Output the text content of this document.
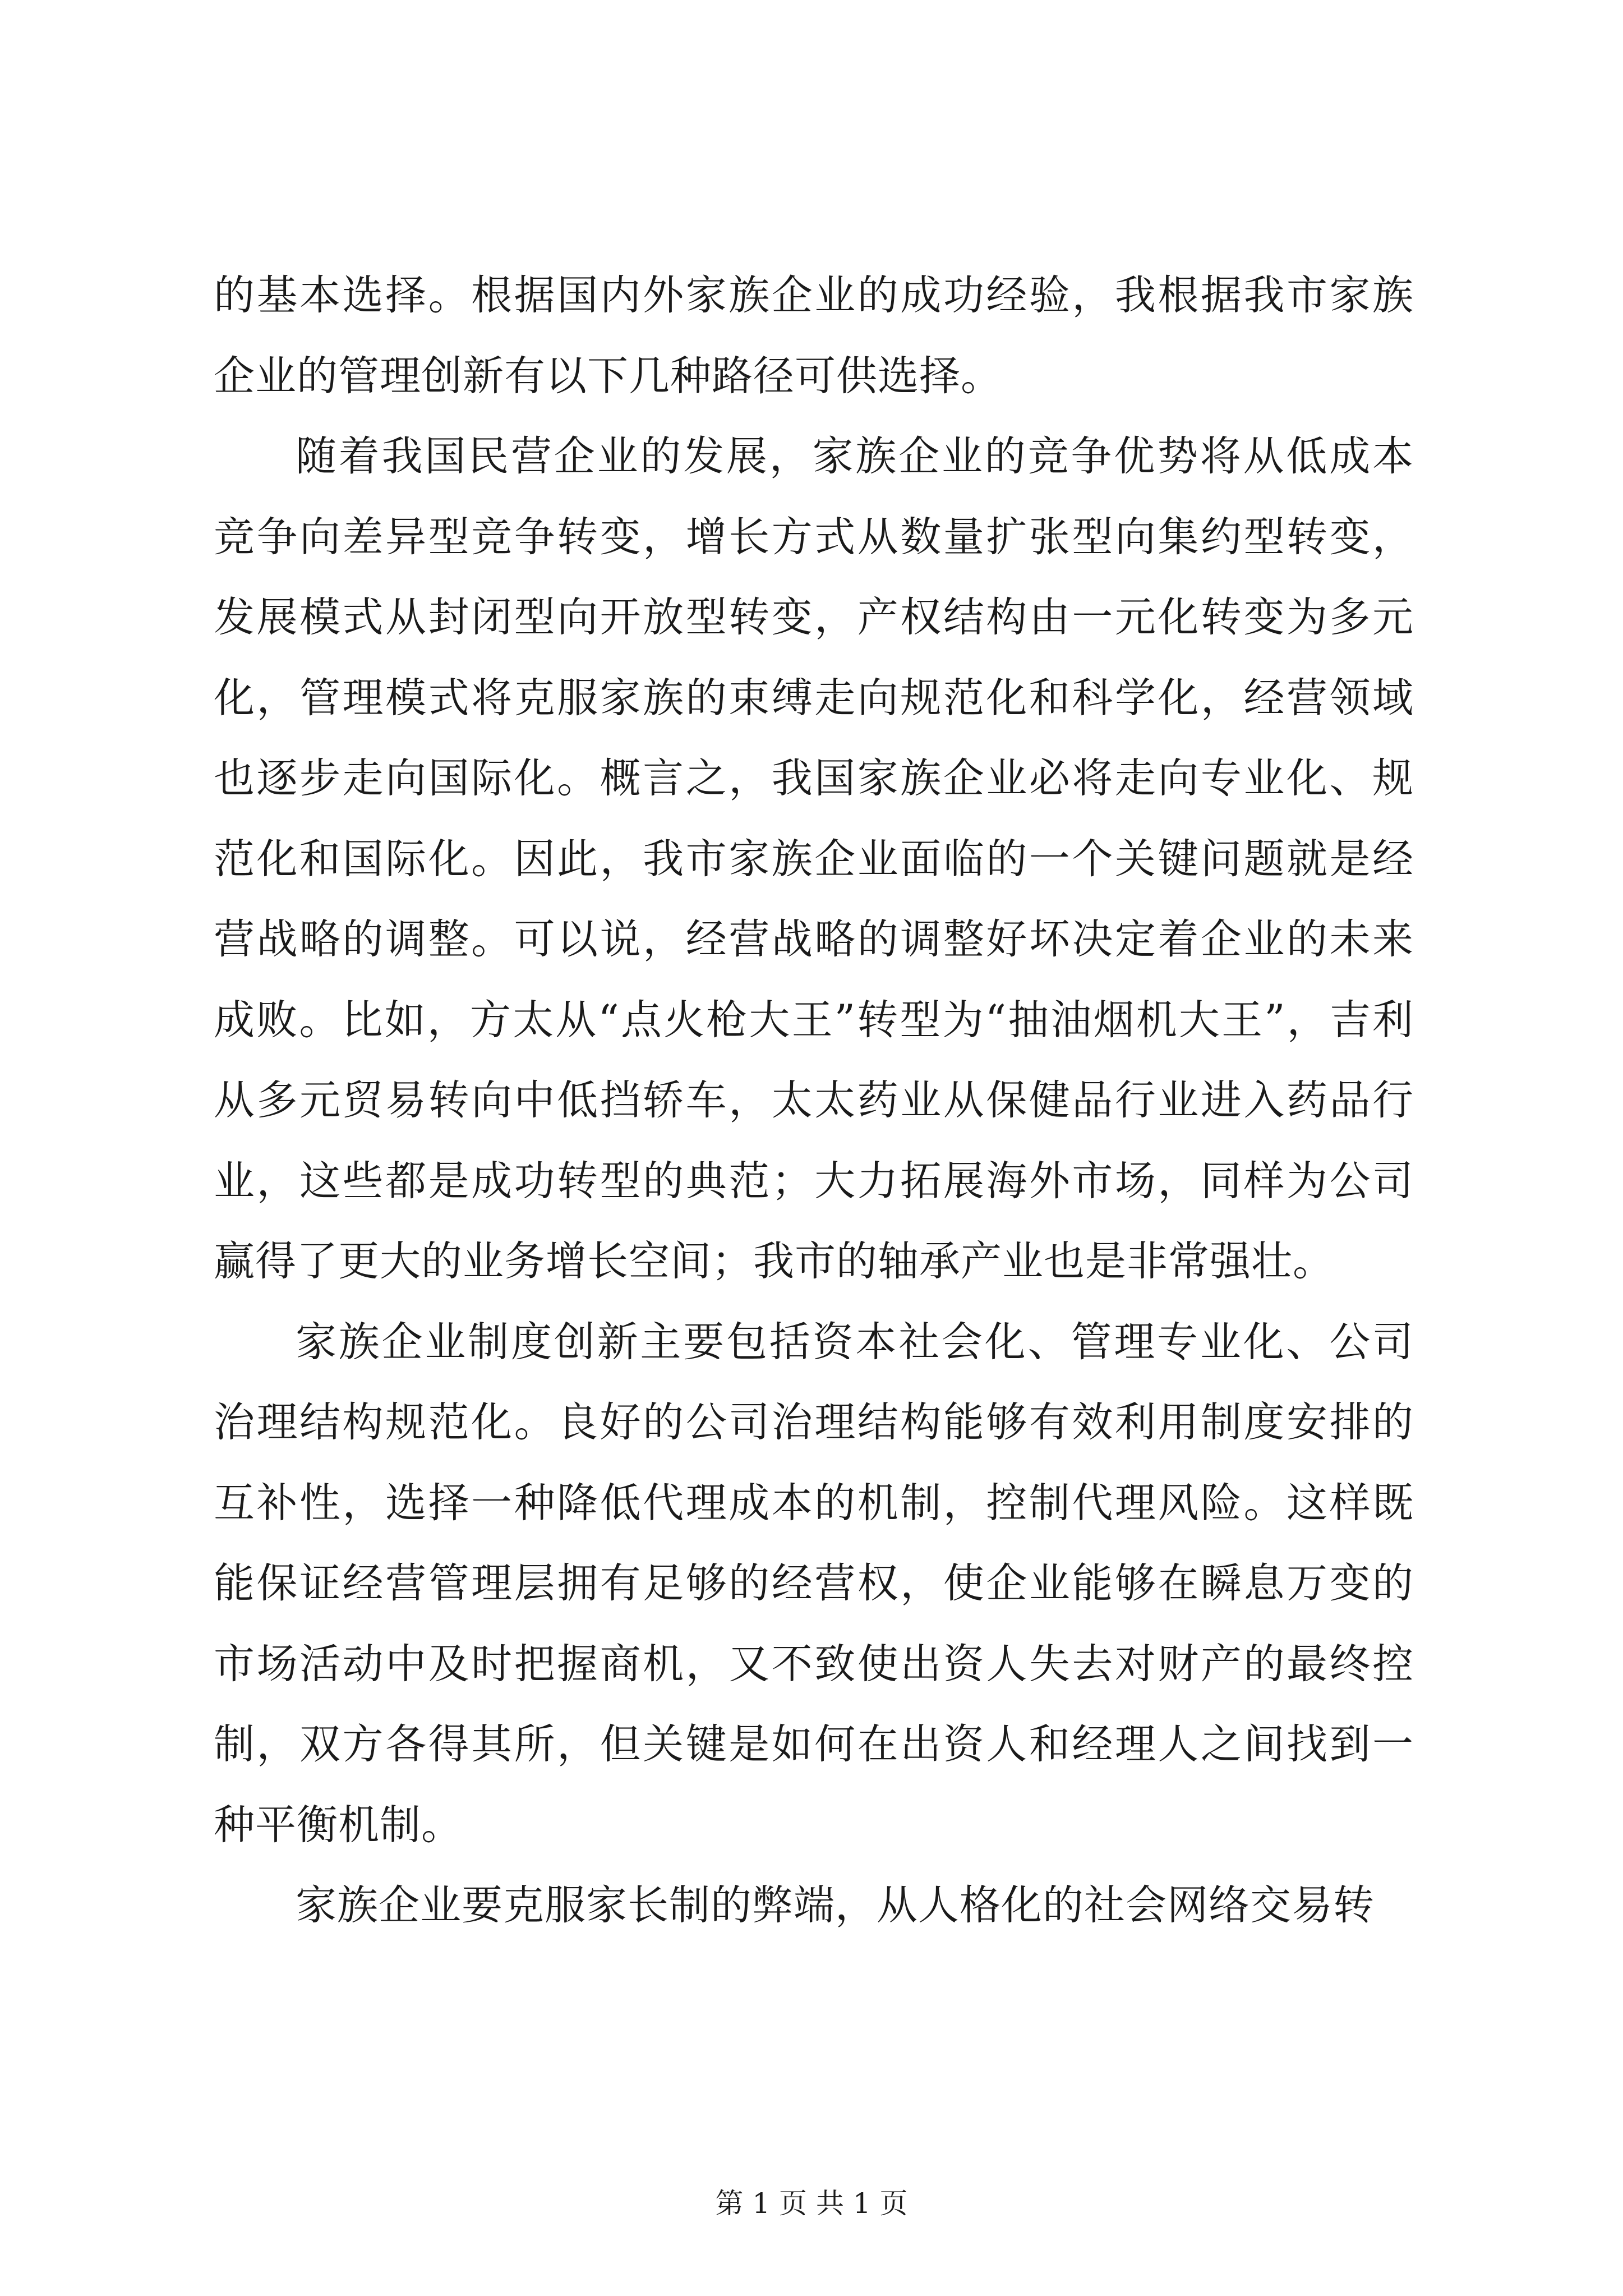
的基本选择。根据国内外家族企业的成功经验，我根据我市家族企业的管理创新有以下几种路径可供选择。

随着我国民营企业的发展，家族企业的竞争优势将从低成本竞争向差异型竞争转变，增长方式从数量扩张型向集约型转变，发展模式从封闭型向开放型转变，产权结构由一元化转变为多元化，管理模式将克服家族的束缚走向规范化和科学化，经营领域也逐步走向国际化。概言之，我国家族企业必将走向专业化、规范化和国际化。因此，我市家族企业面临的一个关键问题就是经营战略的调整。可以说，经营战略的调整好坏决定着企业的未来成败。比如，方太从“点火枪大王”转型为“抽油烟机大王”，吉利从多元贸易转向中低挡轿车，太太药业从保健品行业进入药品行业，这些都是成功转型的典范；大力拓展海外市场，同样为公司赢得了更大的业务增长空间；我市的轴承产业也是非常强壮。

家族企业制度创新主要包括资本社会化、管理专业化、公司治理结构规范化。良好的公司治理结构能够有效利用制度安排的互补性，选择一种降低代理成本的机制，控制代理风险。这样既能保证经营管理层拥有足够的经营权，使企业能够在瞬息万变的市场活动中及时把握商机，又不致使出资人失去对财产的最终控制，双方各得其所，但关键是如何在出资人和经理人之间找到一种平衡机制。

家族企业要克服家长制的弊端，从人格化的社会网络交易转

第 1 页 共 1 页
